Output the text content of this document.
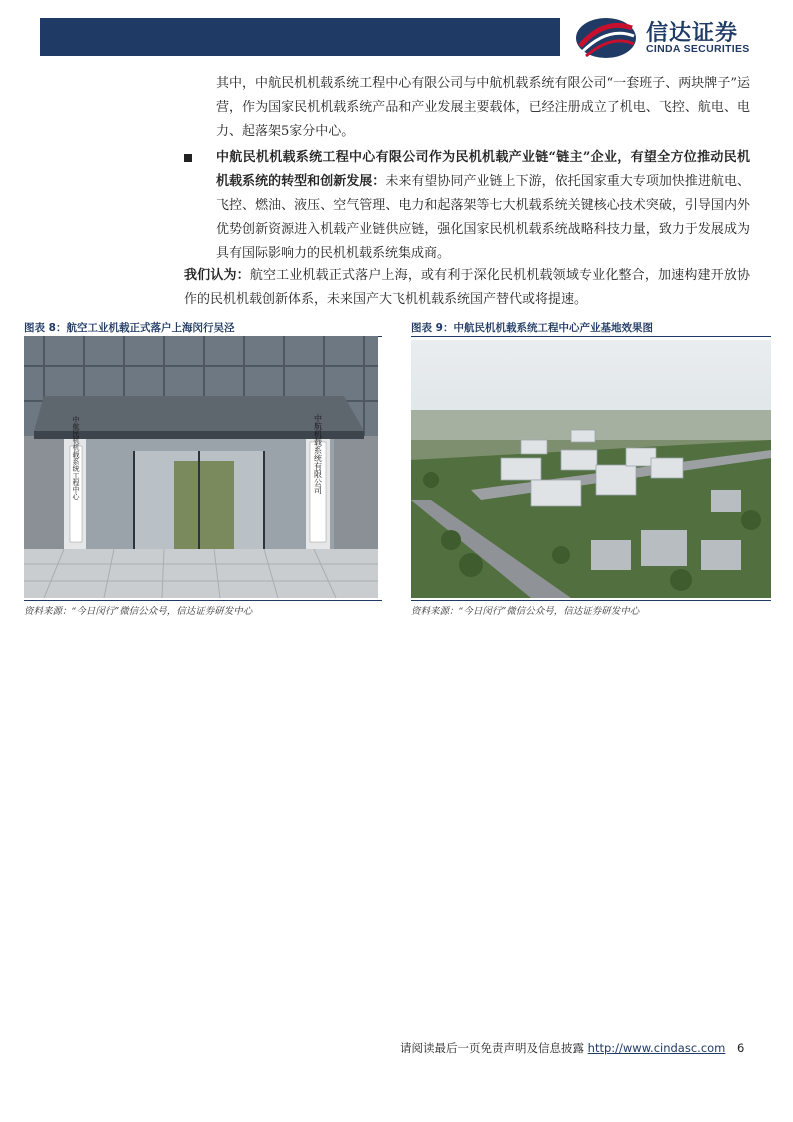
信达证券
CINDA SECURITIES
其中，中航民机机载系统工程中心有限公司与中航机载系统有限公司“一套班子、两块牌子”运营，作为国家民机机载系统产品和产业发展主要载体，已经注册成立了机电、飞控、航电、电力、起落架5家分中心。
中航民机机载系统工程中心有限公司作为民机机载产业链“链主”企业，有望全方位推动民机机载系统的转型和创新发展：未来有望协同产业链上下游，依托国家重大专项加快推进航电、飞控、燃油、液压、空气管理、电力和起落架等七大机载系统关键核心技术突破，引导国内外优势创新资源进入机载产业链供应链，强化国家民机机载系统战略科技力量，致力于发展成为具有国际影响力的民机机载系统集成商。
我们认为：航空工业机载正式落户上海，或有利于深化民机机载领域专业化整合，加速构建开放协作的民机机载创新体系，未来国产大飞机机载系统国产替代或将提速。
图表 8：航空工业机载正式落户上海闵行吴泾
中航民机机载系统工程中心	中航机载系统有限公司
资料来源：“今日闵行”微信公众号，信达证券研发中心
图表 9：中航民机机载系统工程中心产业基地效果图
资料来源：“今日闵行”微信公众号，信达证券研发中心
请阅读最后一页免责声明及信息披露 http://www.cindasc.com 6
